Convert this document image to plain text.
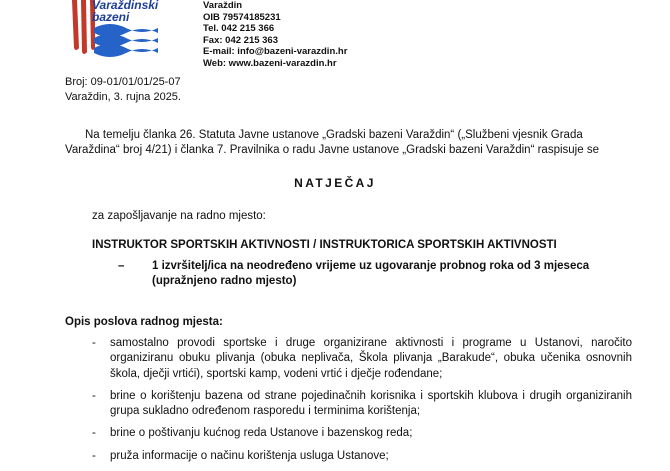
Varaždinski bazeni
Varaždin
OIB 79574185231
Tel. 042 215 366
Fax: 042 215 363
E-mail: info@bazeni-varazdin.hr
Web: www.bazeni-varazdin.hr
Broj: 09-01/01/01/25-07
Varaždin, 3. rujna 2025.
Na temelju članka 26. Statuta Javne ustanove „Gradski bazeni Varaždin“ („Službeni vjesnik Grada Varaždina“ broj 4/21) i članka 7. Pravilnika o radu Javne ustanove „Gradski bazeni Varaždin“ raspisuje se
NATJEČAJ
za zapošljavanje na radno mjesto:
INSTRUKTOR SPORTSKIH AKTIVNOSTI / INSTRUKTORICA SPORTSKIH AKTIVNOSTI
–	1 izvršitelj/ica na neodređeno vrijeme uz ugovaranje probnog roka od 3 mjeseca (upražnjeno radno mjesto)
Opis poslova radnog mjesta:
- samostalno provodi sportske i druge organizirane aktivnosti i programe u Ustanovi, naročito organiziranu obuku plivanja (obuka neplivača, Škola plivanja „Barakude“, obuka učenika osnovnih škola, dječji vrtići), sportski kamp, vodeni vrtić i dječje rođendane;
- brine o korištenju bazena od strane pojedinačnih korisnika i sportskih klubova i drugih organiziranih grupa sukladno određenom rasporedu i terminima korištenja;
- brine o poštivanju kućnog reda Ustanove i bazenskog reda;
- pruža informacije o načinu korištenja usluga Ustanove;
